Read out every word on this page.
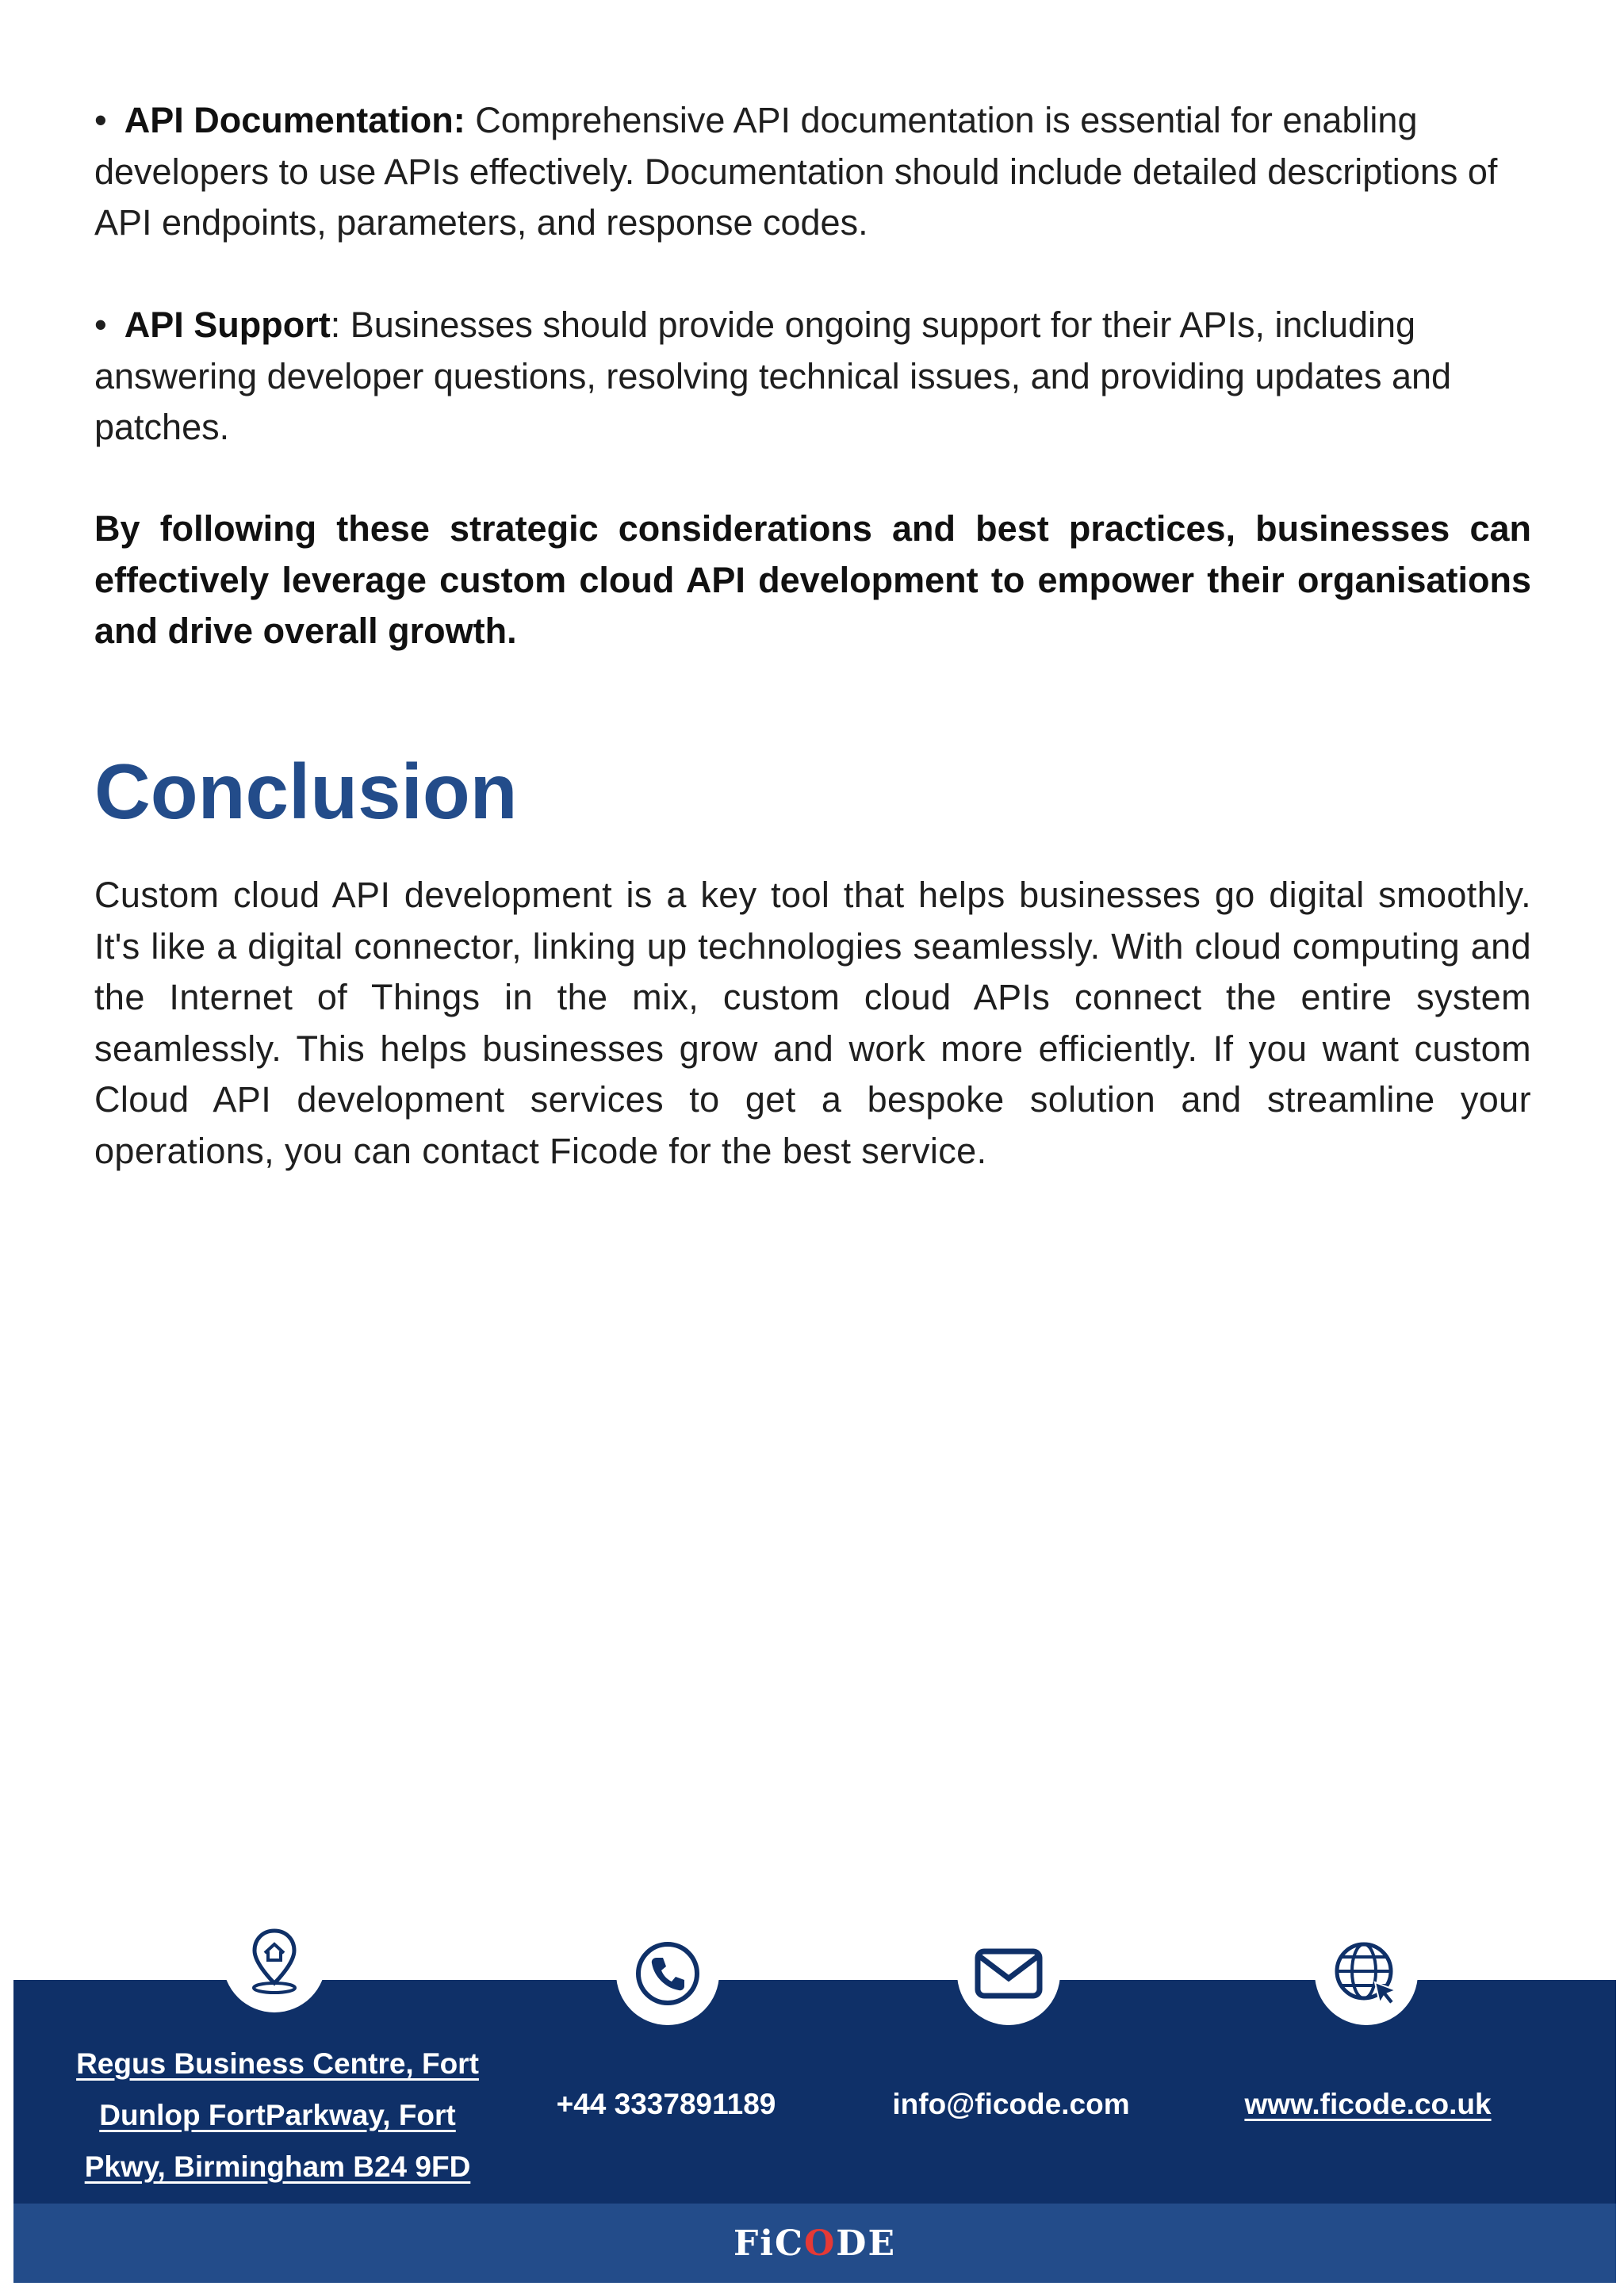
• API Documentation: Comprehensive API documentation is essential for enabling developers to use APIs effectively. Documentation should include detailed descriptions of API endpoints, parameters, and response codes.

• API Support: Businesses should provide ongoing support for their APIs, including answering developer questions, resolving technical issues, and providing updates and patches.

By following these strategic considerations and best practices, businesses can effectively leverage custom cloud API development to empower their organisations and drive overall growth.

Conclusion

Custom cloud API development is a key tool that helps businesses go digital smoothly. It's like a digital connector, linking up technologies seamlessly. With cloud computing and the Internet of Things in the mix, custom cloud APIs connect the entire system seamlessly. This helps businesses grow and work more efficiently. If you want custom Cloud API development services to get a bespoke solution and streamline your operations, you can contact Ficode for the best service.

Regus Business Centre, Fort
Dunlop FortParkway, Fort
Pkwy, Birmingham B24 9FD
+44 3337891189	info@ficode.com	www.ficode.co.uk
FiCODE
